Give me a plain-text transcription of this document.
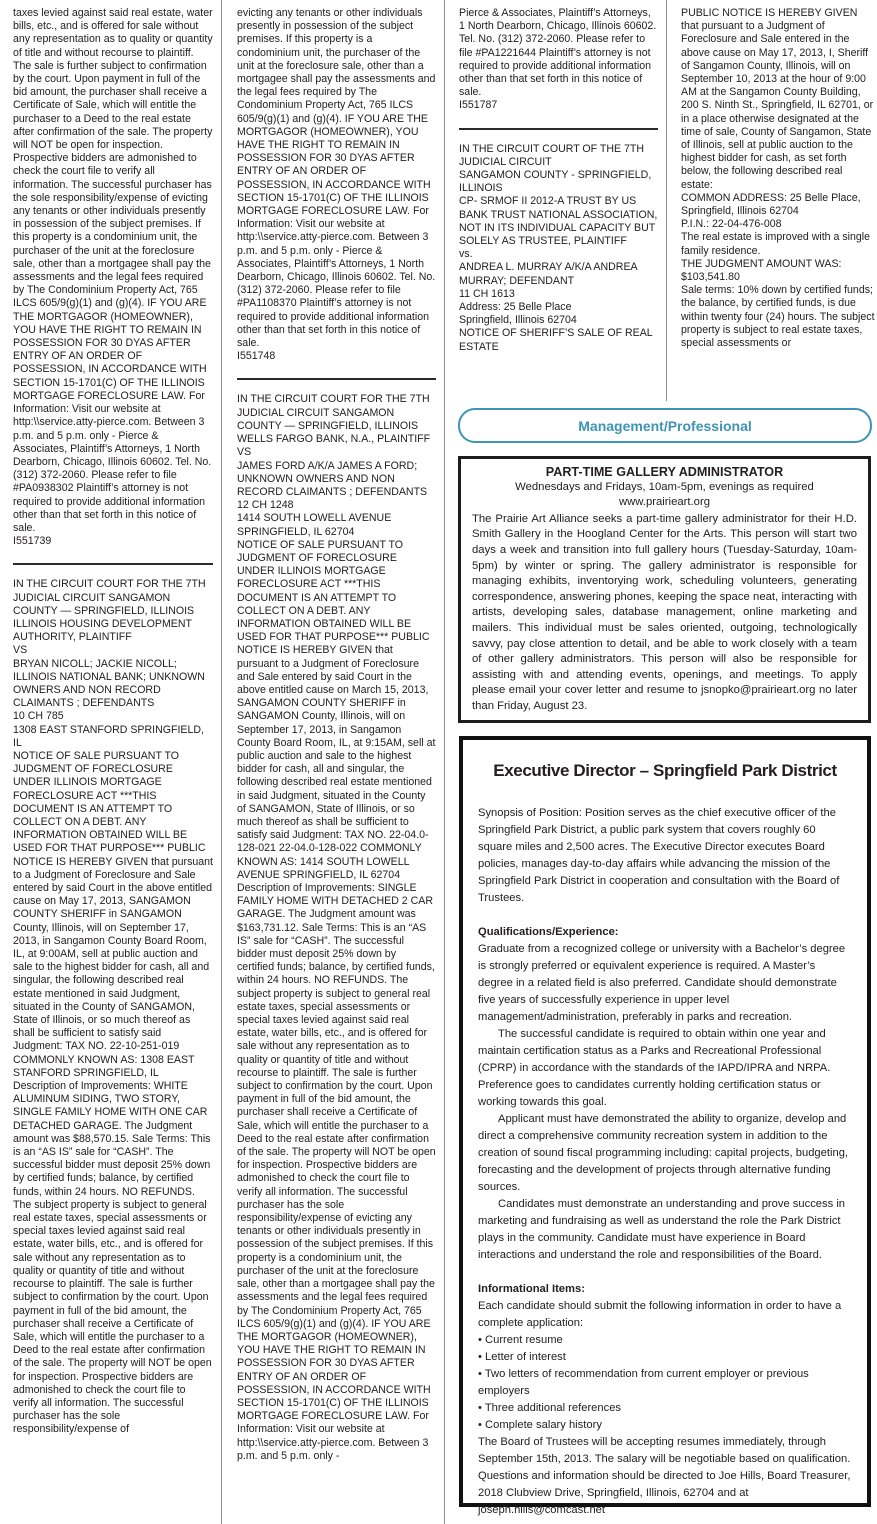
taxes levied against said real estate, water bills, etc., and is offered for sale without any representation as to quality or quantity of title and without recourse to plaintiff. The sale is further subject to confirmation by the court. Upon payment in full of the bid amount, the purchaser shall receive a Certificate of Sale, which will entitle the purchaser to a Deed to the real estate after confirmation of the sale. The property will NOT be open for inspection. Prospective bidders are admonished to check the court file to verify all information. The successful purchaser has the sole responsibility/expense of evicting any tenants or other individuals presently in possession of the subject premises. If this property is a condominium unit, the purchaser of the unit at the foreclosure sale, other than a mortgagee shall pay the assessments and the legal fees required by The Condominium Property Act, 765 ILCS 605/9(g)(1) and (g)(4). IF YOU ARE THE MORTGAGOR (HOMEOWNER), YOU HAVE THE RIGHT TO REMAIN IN POSSESSION FOR 30 DYAS AFTER ENTRY OF AN ORDER OF POSSESSION, IN ACCORDANCE WITH SECTION 15-1701(C) OF THE ILLINOIS MORTGAGE FORECLOSURE LAW. For Information: Visit our website at http:\\service.atty-pierce.com. Between 3 p.m. and 5 p.m. only - Pierce & Associates, Plaintiff’s Attorneys, 1 North Dearborn, Chicago, Illinois 60602. Tel. No. (312) 372-2060. Please refer to file #PA0938302 Plaintiff’s attorney is not required to provide additional information other than that set forth in this notice of sale.
I551739
IN THE CIRCUIT COURT FOR THE 7TH JUDICIAL CIRCUIT SANGAMON COUNTY — SPRINGFIELD, ILLINOIS ILLINOIS HOUSING DEVELOPMENT AUTHORITY, PLAINTIFF
VS
BRYAN NICOLL; JACKIE NICOLL; ILLINOIS NATIONAL BANK; UNKNOWN OWNERS AND NON RECORD CLAIMANTS ; DEFENDANTS
10 CH 785
1308 EAST STANFORD SPRINGFIELD, IL
NOTICE OF SALE PURSUANT TO JUDGMENT OF FORECLOSURE UNDER ILLINOIS MORTGAGE FORECLOSURE ACT ***THIS DOCUMENT IS AN ATTEMPT TO COLLECT ON A DEBT. ANY INFORMATION OBTAINED WILL BE USED FOR THAT PURPOSE*** PUBLIC NOTICE IS HEREBY GIVEN that pursuant to a Judgment of Foreclosure and Sale entered by said Court in the above entitled cause on May 17, 2013, SANGAMON COUNTY SHERIFF in SANGAMON County, Illinois, will on September 17, 2013, in Sangamon County Board Room, IL, at 9:00AM, sell at public auction and sale to the highest bidder for cash, all and singular, the following described real estate mentioned in said Judgment, situated in the County of SANGAMON, State of Illinois, or so much thereof as shall be sufficient to satisfy said Judgment: TAX NO. 22-10-251-019 COMMONLY KNOWN AS: 1308 EAST STANFORD SPRINGFIELD, IL Description of Improvements: WHITE ALUMINUM SIDING, TWO STORY, SINGLE FAMILY HOME WITH ONE CAR DETACHED GARAGE. The Judgment amount was $88,570.15. Sale Terms: This is an “AS IS” sale for “CASH”. The successful bidder must deposit 25% down by certified funds; balance, by certified funds, within 24 hours. NO REFUNDS. The subject property is subject to general real estate taxes, special assessments or special taxes levied against said real estate, water bills, etc., and is offered for sale without any representation as to quality or quantity of title and without recourse to plaintiff. The sale is further subject to confirmation by the court. Upon payment in full of the bid amount, the purchaser shall receive a Certificate of Sale, which will entitle the purchaser to a Deed to the real estate after confirmation of the sale. The property will NOT be open for inspection. Prospective bidders are admonished to check the court file to verify all information. The successful purchaser has the sole responsibility/expense of
evicting any tenants or other individuals presently in possession of the subject premises. If this property is a condominium unit, the purchaser of the unit at the foreclosure sale, other than a mortgagee shall pay the assessments and the legal fees required by The Condominium Property Act, 765 ILCS 605/9(g)(1) and (g)(4). IF YOU ARE THE MORTGAGOR (HOMEOWNER), YOU HAVE THE RIGHT TO REMAIN IN POSSESSION FOR 30 DYAS AFTER ENTRY OF AN ORDER OF POSSESSION, IN ACCORDANCE WITH SECTION 15-1701(C) OF THE ILLINOIS MORTGAGE FORECLOSURE LAW. For Information: Visit our website at http:\\service.atty-pierce.com. Between 3 p.m. and 5 p.m. only - Pierce & Associates, Plaintiff’s Attorneys, 1 North Dearborn, Chicago, Illinois 60602. Tel. No. (312) 372-2060. Please refer to file #PA1108370 Plaintiff’s attorney is not required to provide additional information other than that set forth in this notice of sale.
I551748
IN THE CIRCUIT COURT FOR THE 7TH JUDICIAL CIRCUIT SANGAMON COUNTY — SPRINGFIELD, ILLINOIS WELLS FARGO BANK, N.A., PLAINTIFF
VS
JAMES FORD A/K/A JAMES A FORD; UNKNOWN OWNERS AND NON RECORD CLAIMANTS ; DEFENDANTS
12 CH 1248
1414 SOUTH LOWELL AVENUE SPRINGFIELD, IL 62704
NOTICE OF SALE PURSUANT TO JUDGMENT OF FORECLOSURE UNDER ILLINOIS MORTGAGE FORECLOSURE ACT ***THIS DOCUMENT IS AN ATTEMPT TO COLLECT ON A DEBT. ANY INFORMATION OBTAINED WILL BE USED FOR THAT PURPOSE*** PUBLIC NOTICE IS HEREBY GIVEN that pursuant to a Judgment of Foreclosure and Sale entered by said Court in the above entitled cause on March 15, 2013, SANGAMON COUNTY SHERIFF in SANGAMON County, Illinois, will on September 17, 2013, in Sangamon County Board Room, IL, at 9:15AM, sell at public auction and sale to the highest bidder for cash, all and singular, the following described real estate mentioned in said Judgment, situated in the County of SANGAMON, State of Illinois, or so much thereof as shall be sufficient to satisfy said Judgment: TAX NO. 22-04.0-128-021 22-04.0-128-022 COMMONLY KNOWN AS: 1414 SOUTH LOWELL AVENUE SPRINGFIELD, IL 62704 Description of Improvements: SINGLE FAMILY HOME WITH DETACHED 2 CAR GARAGE. The Judgment amount was $163,731.12. Sale Terms: This is an “AS IS” sale for “CASH”. The successful bidder must deposit 25% down by certified funds; balance, by certified funds, within 24 hours. NO REFUNDS. The subject property is subject to general real estate taxes, special assessments or special taxes levied against said real estate, water bills, etc., and is offered for sale without any representation as to quality or quantity of title and without recourse to plaintiff. The sale is further subject to confirmation by the court. Upon payment in full of the bid amount, the purchaser shall receive a Certificate of Sale, which will entitle the purchaser to a Deed to the real estate after confirmation of the sale. The property will NOT be open for inspection. Prospective bidders are admonished to check the court file to verify all information. The successful purchaser has the sole responsibility/expense of evicting any tenants or other individuals presently in possession of the subject premises. If this property is a condominium unit, the purchaser of the unit at the foreclosure sale, other than a mortgagee shall pay the assessments and the legal fees required by The Condominium Property Act, 765 ILCS 605/9(g)(1) and (g)(4). IF YOU ARE THE MORTGAGOR (HOMEOWNER), YOU HAVE THE RIGHT TO REMAIN IN POSSESSION FOR 30 DYAS AFTER ENTRY OF AN ORDER OF POSSESSION, IN ACCORDANCE WITH SECTION 15-1701(C) OF THE ILLINOIS MORTGAGE FORECLOSURE LAW. For Information: Visit our website at http:\\service.atty-pierce.com. Between 3 p.m. and 5 p.m. only -
Pierce & Associates, Plaintiff’s Attorneys, 1 North Dearborn, Chicago, Illinois 60602. Tel. No. (312) 372-2060. Please refer to file #PA1221644 Plaintiff’s attorney is not required to provide additional information other than that set forth in this notice of sale.
I551787
IN THE CIRCUIT COURT OF THE 7TH JUDICIAL CIRCUIT
SANGAMON COUNTY - SPRINGFIELD, ILLINOIS
CP- SRMOF II 2012-A TRUST BY US BANK TRUST NATIONAL ASSOCIATION, NOT IN ITS INDIVIDUAL CAPACITY BUT SOLELY AS TRUSTEE, PLAINTIFF
vs.
ANDREA L. MURRAY A/K/A ANDREA MURRAY; DEFENDANT
11 CH 1613
Address: 25 Belle Place
Springfield, Illinois 62704
NOTICE OF SHERIFF’S SALE OF REAL ESTATE
PUBLIC NOTICE IS HEREBY GIVEN that pursuant to a Judgment of Foreclosure and Sale entered in the above cause on May 17, 2013, I, Sheriff of Sangamon County, Illinois, will on September 10, 2013 at the hour of 9:00 AM at the Sangamon County Building, 200 S. Ninth St., Springfield, IL 62701, or in a place otherwise designated at the time of sale, County of Sangamon, State of Illinois, sell at public auction to the highest bidder for cash, as set forth below, the following described real estate:
COMMON ADDRESS: 25 Belle Place, Springfield, Illinois 62704
P.I.N.: 22-04-476-008
The real estate is improved with a single family residence.
THE JUDGMENT AMOUNT WAS: $103,541.80
Sale terms: 10% down by certified funds; the balance, by certified funds, is due within twenty four (24) hours. The subject property is subject to real estate taxes, special assessments or
Management/Professional
PART-TIME GALLERY ADMINISTRATOR
Wednesdays and Fridays, 10am-5pm, evenings as required
www.prairieart.org
The Prairie Art Alliance seeks a part-time gallery administrator for their H.D. Smith Gallery in the Hoogland Center for the Arts. This person will start two days a week and transition into full gallery hours (Tuesday-Saturday, 10am-5pm) by winter or spring. The gallery administrator is responsible for managing exhibits, inventorying work, scheduling volunteers, generating correspondence, answering phones, keeping the space neat, interacting with artists, developing sales, database management, online marketing and mailers. This individual must be sales oriented, outgoing, technologically savvy, pay close attention to detail, and be able to work closely with a team of other gallery administrators. This person will also be responsible for assisting with and attending events, openings, and meetings. To apply please email your cover letter and resume to jsnopko@prairieart.org no later than Friday, August 23.
Executive Director – Springfield Park District
Synopsis of Position: Position serves as the chief executive officer of the Springfield Park District, a public park system that covers roughly 60 square miles and 2,500 acres. The Executive Director executes Board policies, manages day-to-day affairs while advancing the mission of the Springfield Park District in cooperation and consultation with the Board of Trustees.
Qualifications/Experience:
Graduate from a recognized college or university with a Bachelor’s degree is strongly preferred or equivalent experience is required. A Master’s degree in a related field is also preferred. Candidate should demonstrate five years of successfully experience in upper level management/administration, preferably in parks and recreation.
The successful candidate is required to obtain within one year and maintain certification status as a Parks and Recreational Professional (CPRP) in accordance with the standards of the IAPD/IPRA and NRPA. Preference goes to candidates currently holding certification status or working towards this goal.
Applicant must have demonstrated the ability to organize, develop and direct a comprehensive community recreation system in addition to the creation of sound fiscal programming including: capital projects, budgeting, forecasting and the development of projects through alternative funding sources.
Candidates must demonstrate an understanding and prove success in marketing and fundraising as well as understand the role the Park District plays in the community. Candidate must have experience in Board interactions and understand the role and responsibilities of the Board.
Informational Items:
Each candidate should submit the following information in order to have a complete application:
• Current resume
• Letter of interest
• Two letters of recommendation from current employer or previous employers
• Three additional references
• Complete salary history
The Board of Trustees will be accepting resumes immediately, through September 15th, 2013. The salary will be negotiable based on qualification. Questions and information should be directed to Joe Hills, Board Treasurer, 2018 Clubview Drive, Springfield, Illinois, 62704 and at joseph.hills@comcast.net
